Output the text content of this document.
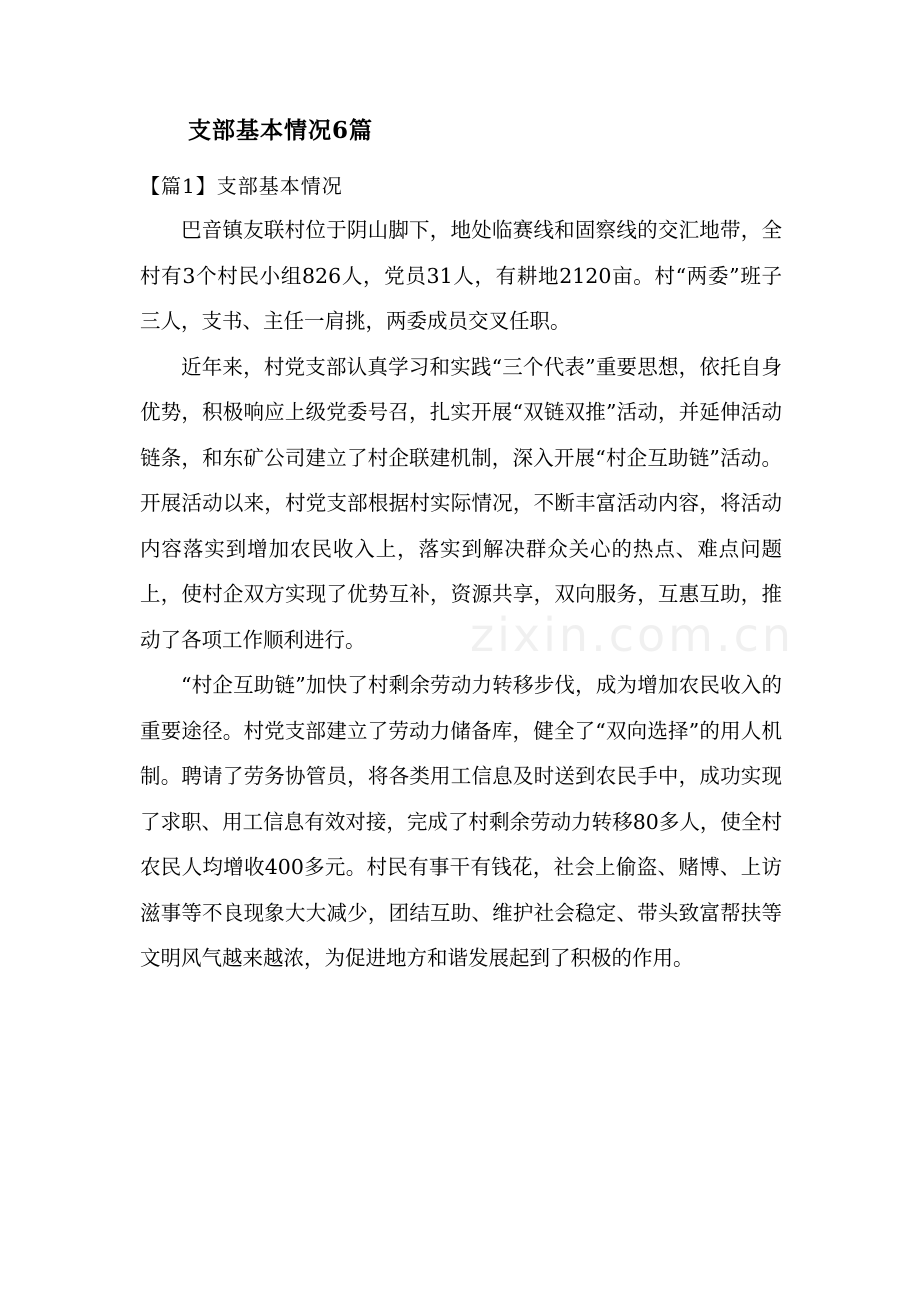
支部基本情况6篇

【篇1】支部基本情况

巴音镇友联村位于阴山脚下，地处临赛线和固察线的交汇地带，全村有3个村民小组826人，党员31人，有耕地2120亩。村“两委”班子三人，支书、主任一肩挑，两委成员交叉任职。

近年来，村党支部认真学习和实践“三个代表”重要思想，依托自身优势，积极响应上级党委号召，扎实开展“双链双推”活动，并延伸活动链条，和东矿公司建立了村企联建机制，深入开展“村企互助链”活动。开展活动以来，村党支部根据村实际情况，不断丰富活动内容，将活动内容落实到增加农民收入上，落实到解决群众关心的热点、难点问题上，使村企双方实现了优势互补，资源共享，双向服务，互惠互助，推动了各项工作顺利进行。

“村企互助链”加快了村剩余劳动力转移步伐，成为增加农民收入的重要途径。村党支部建立了劳动力储备库，健全了“双向选择”的用人机制。聘请了劳务协管员，将各类用工信息及时送到农民手中，成功实现了求职、用工信息有效对接，完成了村剩余劳动力转移80多人，使全村农民人均增收400多元。村民有事干有钱花，社会上偷盗、赌博、上访滋事等不良现象大大减少，团结互助、维护社会稳定、带头致富帮扶等文明风气越来越浓，为促进地方和谐发展起到了积极的作用。

zixin.com.cn
